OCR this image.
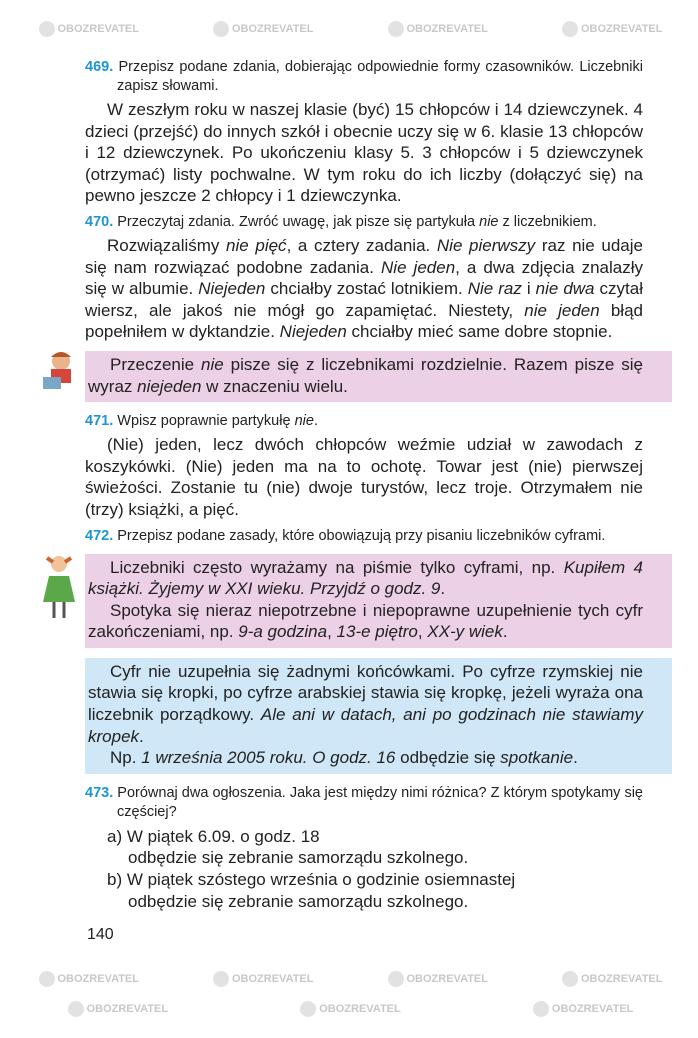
OBOZREVATEL	OBOZREVATEL	OBOZREVATEL	OBOZREVATEL
469. Przepisz podane zdania, dobierając odpowiednie formy czasowników. Liczebniki zapisz słowami.

W zeszłym roku w naszej klasie (być) 15 chłopców i 14 dziewczynek. 4 dzieci (przejść) do innych szkół i obecnie uczy się w 6. klasie 13 chłopców i 12 dziewczynek. Po ukończeniu klasy 5. 3 chłopców i 5 dziewczynek (otrzymać) listy pochwalne. W tym roku do ich liczby (dołączyć się) na pewno jeszcze 2 chłopcy i 1 dziewczynka.

470. Przeczytaj zdania. Zwróć uwagę, jak pisze się partykuła nie z liczebnikiem.

Rozwiązaliśmy nie pięć, a cztery zadania. Nie pierwszy raz nie udaje się nam rozwiązać podobne zadania. Nie jeden, a dwa zdjęcia znalazły się w albumie. Niejeden chciałby zostać lotnikiem. Nie raz i nie dwa czytał wiersz, ale jakoś nie mógł go zapamiętać. Niestety, nie jeden błąd popełniłem w dyktandzie. Niejeden chciałby mieć same dobre stopnie.

Przeczenie nie pisze się z liczebnikami rozdzielnie. Razem pisze się wyraz niejeden w znaczeniu wielu.

471. Wpisz poprawnie partykułę nie.

(Nie) jeden, lecz dwóch chłopców weźmie udział w zawodach z koszykówki. (Nie) jeden ma na to ochotę. Towar jest (nie) pierwszej świeżości. Zostanie tu (nie) dwoje turystów, lecz troje. Otrzymałem nie (trzy) książki, a pięć.

472. Przepisz podane zasady, które obowiązują przy pisaniu liczebników cyframi.

Liczebniki często wyrażamy na piśmie tylko cyframi, np. Kupiłem 4 książki. Żyjemy w XXI wieku. Przyjdź o godz. 9.

Spotyka się nieraz niepotrzebne i niepoprawne uzupełnienie tych cyfr zakończeniami, np. 9-a godzina, 13-e piętro, XX-y wiek.

Cyfr nie uzupełnia się żadnymi końcówkami. Po cyfrze rzymskiej nie stawia się kropki, po cyfrze arabskiej stawia się kropkę, jeżeli wyraża ona liczebnik porządkowy. Ale ani w datach, ani po godzinach nie stawiamy kropek.

Np. 1 września 2005 roku. O godz. 16 odbędzie się spotkanie.

473. Porównaj dwa ogłoszenia. Jaka jest między nimi różnica? Z którym spotykamy się częściej?
a) W piątek 6.09. o godz. 18
odbędzie się zebranie samorządu szkolnego.
b) W piątek szóstego września o godzinie osiemnastej
odbędzie się zebranie samorządu szkolnego.
140
OBOZREVATEL	OBOZREVATEL	OBOZREVATEL	OBOZREVATEL
OBOZREVATEL	OBOZREVATEL	OBOZREVATEL
